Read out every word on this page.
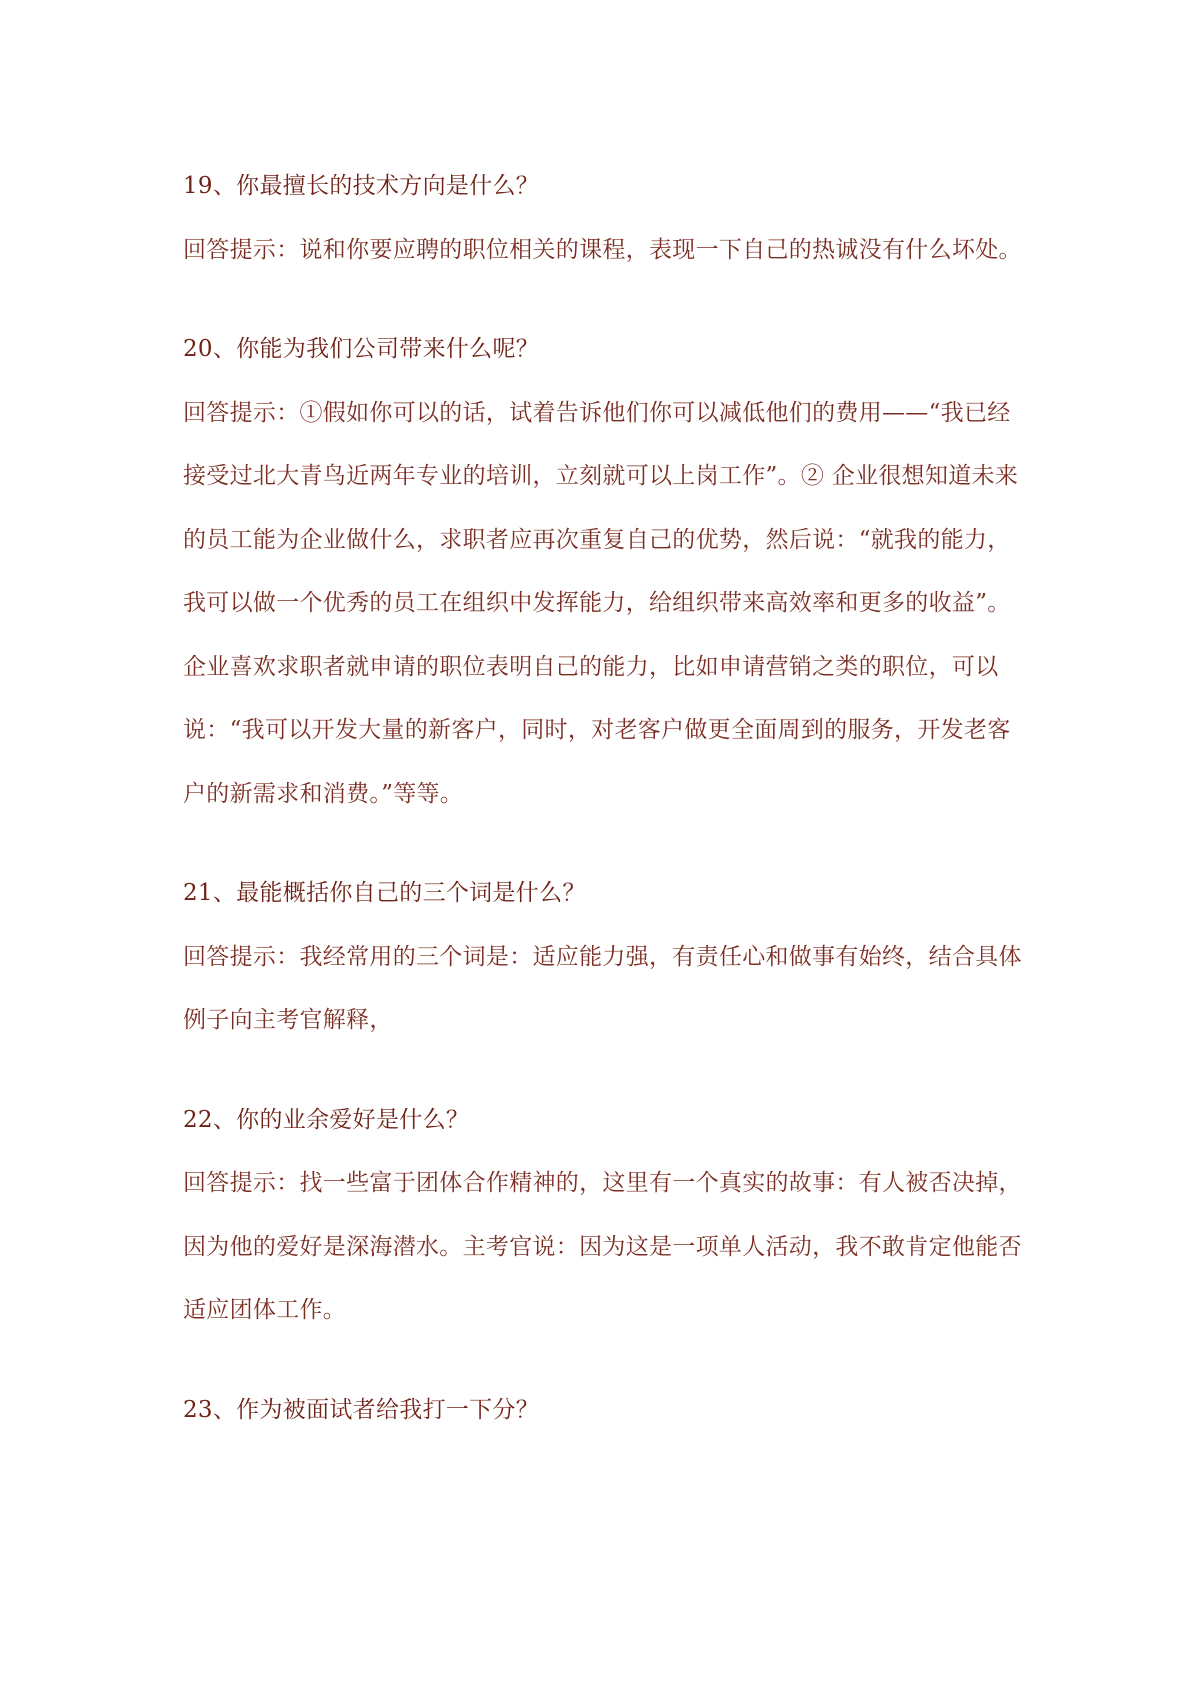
19、你最擅长的技术方向是什么？

回答提示：说和你要应聘的职位相关的课程，表现一下自己的热诚没有什么坏处。

20、你能为我们公司带来什么呢？

回答提示：①假如你可以的话，试着告诉他们你可以减低他们的费用——“我已经接受过北大青鸟近两年专业的培训，立刻就可以上岗工作”。② 企业很想知道未来的员工能为企业做什么，求职者应再次重复自己的优势，然后说：“就我的能力，我可以做一个优秀的员工在组织中发挥能力，给组织带来高效率和更多的收益”。企业喜欢求职者就申请的职位表明自己的能力，比如申请营销之类的职位，可以说：“我可以开发大量的新客户，同时，对老客户做更全面周到的服务，开发老客户的新需求和消费。”等等。

21、最能概括你自己的三个词是什么？

回答提示：我经常用的三个词是：适应能力强，有责任心和做事有始终，结合具体例子向主考官解释，

22、你的业余爱好是什么？

回答提示：找一些富于团体合作精神的，这里有一个真实的故事：有人被否决掉，因为他的爱好是深海潜水。主考官说：因为这是一项单人活动，我不敢肯定他能否适应团体工作。

23、作为被面试者给我打一下分？
